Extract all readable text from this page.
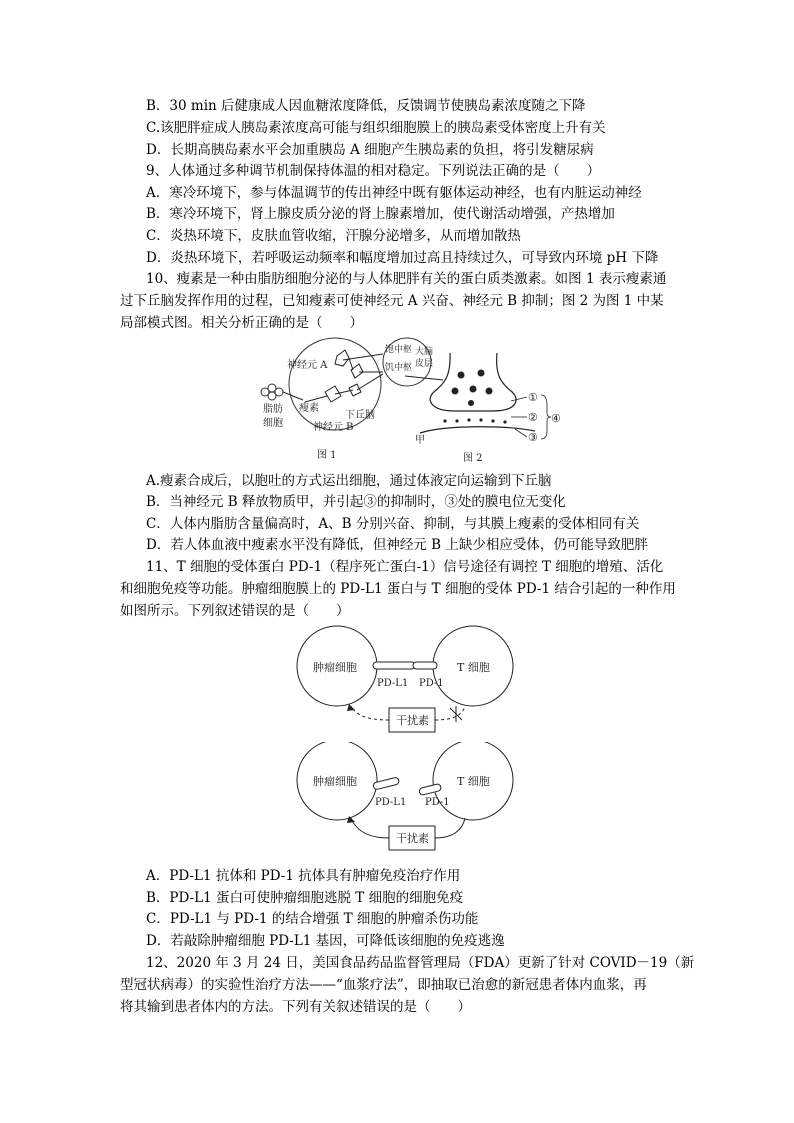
B．30 min 后健康成人因血糖浓度降低，反馈调节使胰岛素浓度随之下降
C.该肥胖症成人胰岛素浓度高可能与组织细胞膜上的胰岛素受体密度上升有关
D．长期高胰岛素水平会加重胰岛 A 细胞产生胰岛素的负担，将引发糖尿病
9、人体通过多种调节机制保持体温的相对稳定。下列说法正确的是（　　）
A．寒冷环境下，参与体温调节的传出神经中既有躯体运动神经，也有内脏运动神经
B．寒冷环境下，肾上腺皮质分泌的肾上腺素增加，使代谢活动增强，产热增加
C．炎热环境下，皮肤血管收缩，汗腺分泌增多，从而增加散热
D．炎热环境下，若呼吸运动频率和幅度增加过高且持续过久，可导致内环境 pH 下降
10、瘦素是一种由脂肪细胞分泌的与人体肥胖有关的蛋白质类激素。如图 1 表示瘦素通
过下丘脑发挥作用的过程，已知瘦素可使神经元 A 兴奋、神经元 B 抑制；图 2 为图 1 中某
局部模式图。相关分析正确的是（　　）
神经元 A
瘦素
下丘脑
神经元 B
饱中枢
饥中枢
大脑
皮层
脂肪
细胞
图 1
①
②
③
④
甲
图 2
A.瘦素合成后，以胞吐的方式运出细胞，通过体液定向运输到下丘脑
B．当神经元 B 释放物质甲，并引起③的抑制时，③处的膜电位无变化
C．人体内脂肪含量偏高时，A、B 分别兴奋、抑制，与其膜上瘦素的受体相同有关
D．若人体血液中瘦素水平没有降低，但神经元 B 上缺少相应受体，仍可能导致肥胖
11、T 细胞的受体蛋白 PD-1（程序死亡蛋白-1）信号途径有调控 T 细胞的增殖、活化
和细胞免疫等功能。肿瘤细胞膜上的 PD-L1 蛋白与 T 细胞的受体 PD-1 结合引起的一种作用
如图所示。下列叙述错误的是（　　）
肿瘤细胞	T 细胞
PD-L1 PD-1
干扰素
肿瘤细胞	T 细胞
PD-L1 PD-1
干扰素
A．PD-L1 抗体和 PD-1 抗体具有肿瘤免疫治疗作用
B．PD-L1 蛋白可使肿瘤细胞逃脱 T 细胞的细胞免疫
C．PD-L1 与 PD-1 的结合增强 T 细胞的肿瘤杀伤功能
D．若敲除肿瘤细胞 PD-L1 基因，可降低该细胞的免疫逃逸
12、2020 年 3 月 24 日，美国食品药品监督管理局（FDA）更新了针对 COVID－19（新
型冠状病毒）的实验性治疗方法——“血浆疗法”，即抽取已治愈的新冠患者体内血浆，再
将其输到患者体内的方法。下列有关叙述错误的是（　　）
